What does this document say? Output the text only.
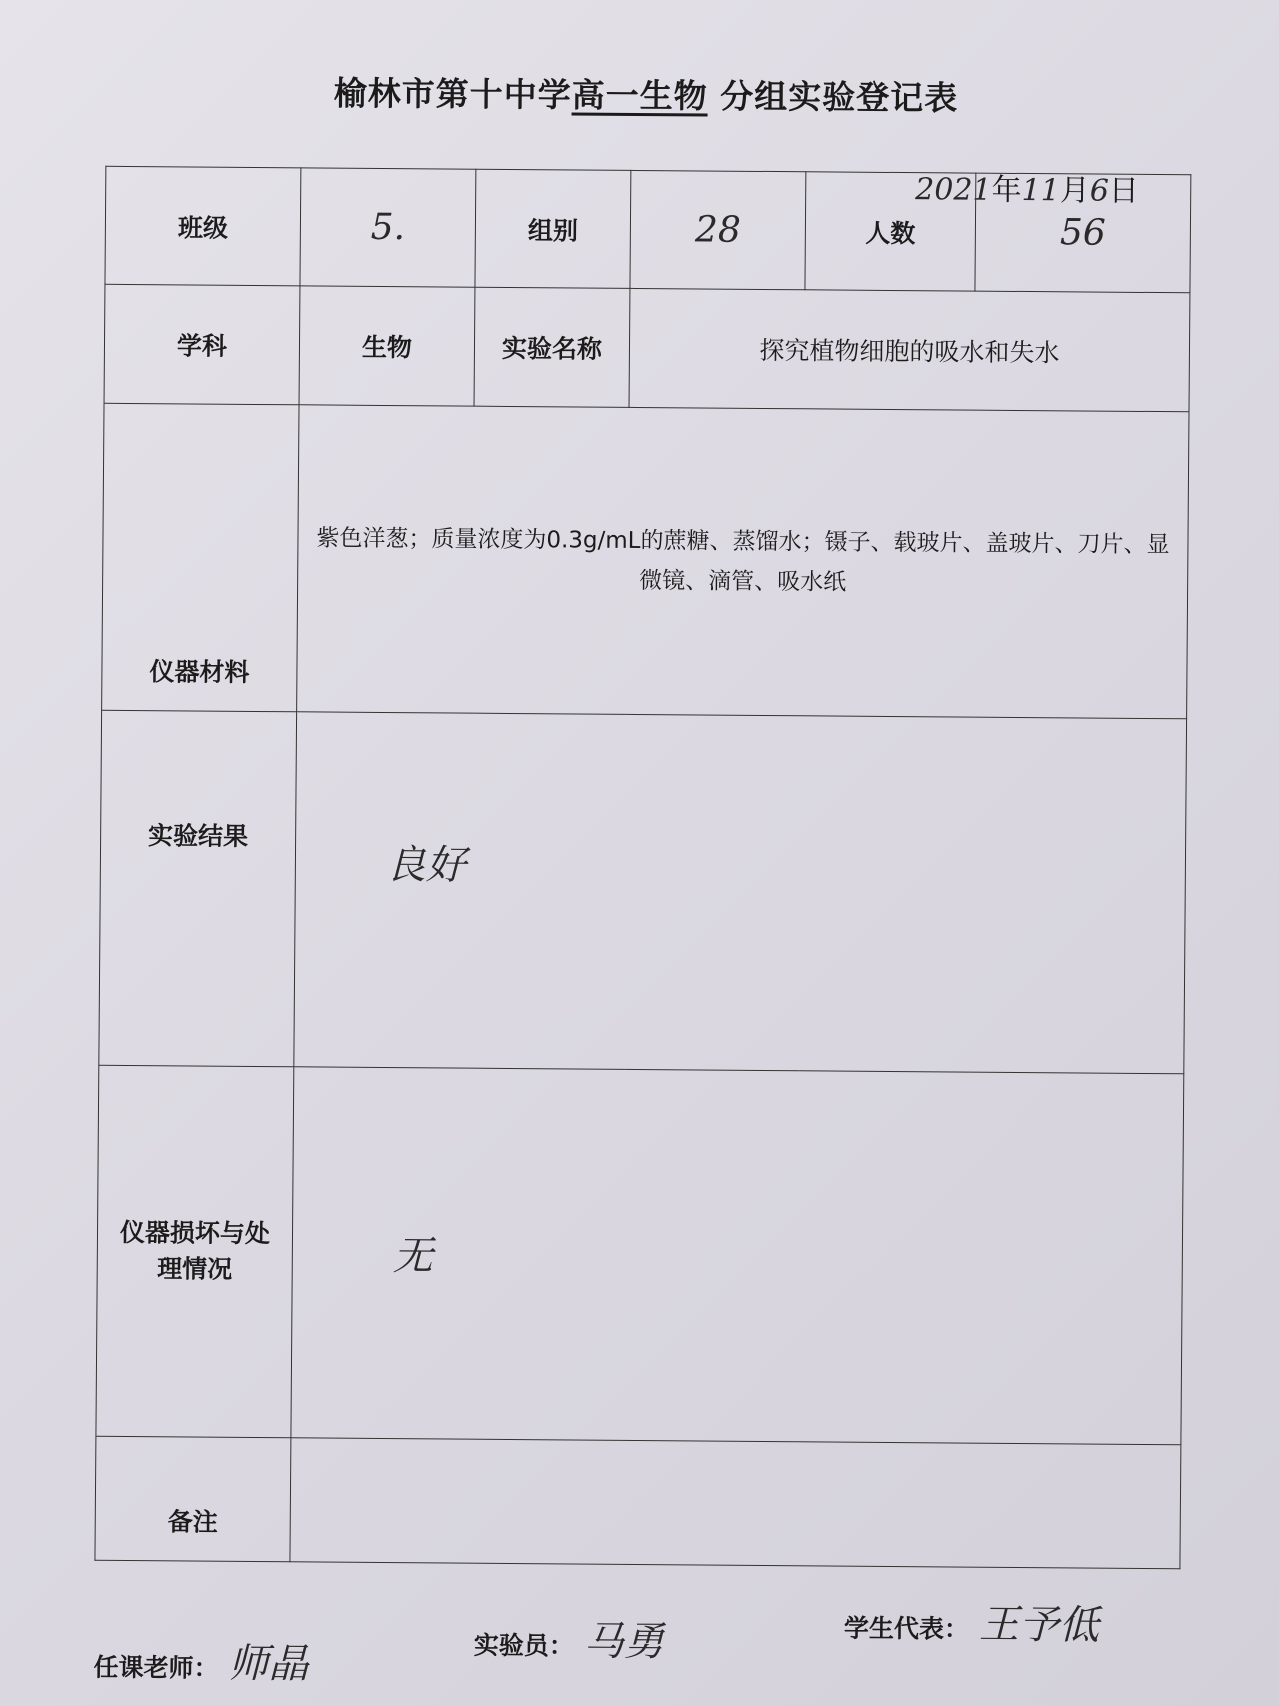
榆林市第十中学高一生物 分组实验登记表
2021年11月6日
班级	5.	组别	28	人数	56
学科	生物	实验名称	探究植物细胞的吸水和失水		
仪器材料	紫色洋葱；质量浓度为0.3g/mL的蔗糖、蒸馏水；镊子、载玻片、盖玻片、刀片、显微镜、滴管、吸水纸				
实验结果	良好				

仪器损坏与处
理情况	无				
备注					
任课老师： 师晶	实验员： 马勇	学生代表： 王予低
